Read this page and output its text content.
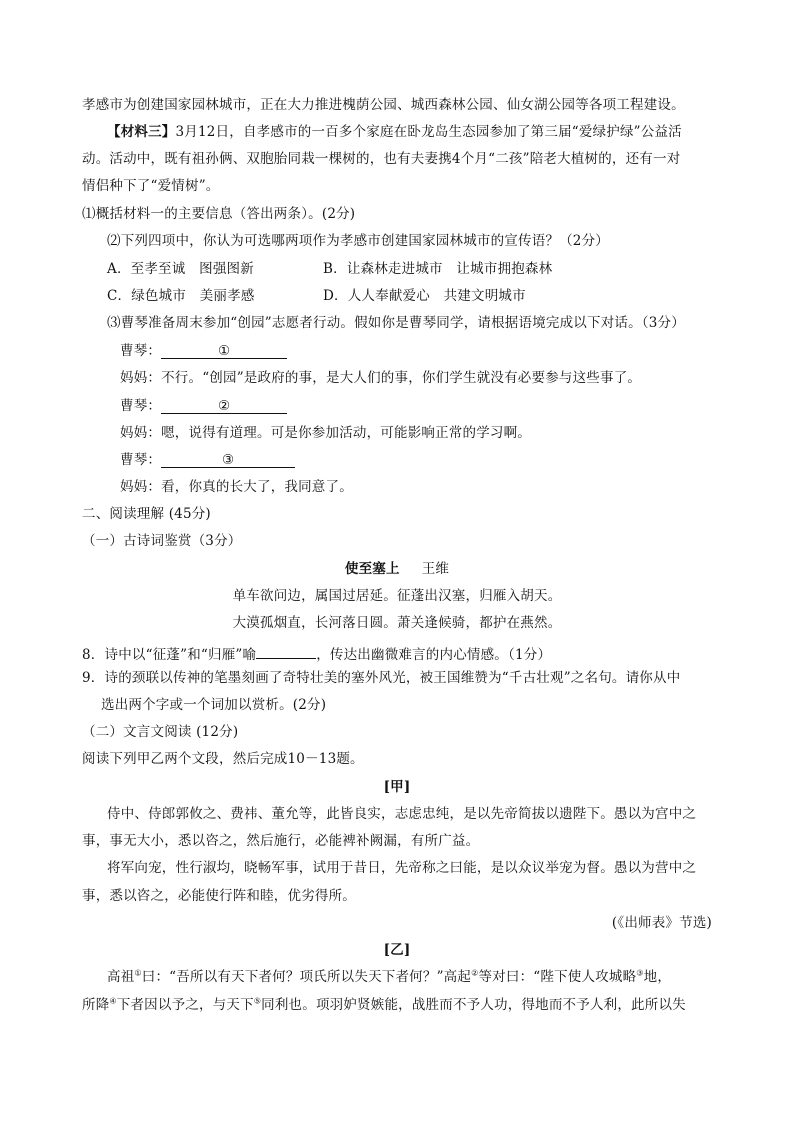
孝感市为创建国家园林城市，正在大力推进槐荫公园、城西森林公园、仙女湖公园等各项工程建设。
【材料三】3月12日，自孝感市的一百多个家庭在卧龙岛生态园参加了第三届“爱绿护绿”公益活
动。活动中，既有祖孙俩、双胞胎同栽一棵树的，也有夫妻携4个月“二孩”陪老大植树的，还有一对
情侣种下了“爱情树”。
⑴概括材料一的主要信息（答出两条）。(2分)
⑵下列四项中，你认为可选哪两项作为孝感市创建国家园林城市的宣传语？（2分）
A．至孝至诚　图强图新	B．让森林走进城市　让城市拥抱森林
C．绿色城市　美丽孝感	D．人人奉献爱心　共建文明城市
⑶曹琴准备周末参加“创园”志愿者行动。假如你是曹琴同学，请根据语境完成以下对话。（3分）
曹琴：	①
妈妈：不行。“创园”是政府的事，是大人们的事，你们学生就没有必要参与这些事了。
曹琴：	②
妈妈：嗯，说得有道理。可是你参加活动，可能影响正常的学习啊。
曹琴：	③
妈妈：看，你真的长大了，我同意了。
二、阅读理解 (45分)
（一）古诗词鉴赏（3分）
使至塞上 王维
单车欲问边，属国过居延。征蓬出汉塞，归雁入胡天。
大漠孤烟直，长河落日圆。萧关逢候骑，都护在燕然。
8．诗中以“征蓬”和“归雁”喻	，传达出幽微难言的内心情感。（1分）
9．诗的颈联以传神的笔墨刻画了奇特壮美的塞外风光，被王国维赞为“千古壮观”之名句。请你从中
选出两个字或一个词加以赏析。(2分)
（二）文言文阅读 (12分)
阅读下列甲乙两个文段，然后完成10－13题。
[甲]
侍中、侍郎郭攸之、费祎、董允等，此皆良实，志虑忠纯，是以先帝简拔以遗陛下。愚以为宫中之
事，事无大小，悉以咨之，然后施行，必能裨补阙漏，有所广益。
将军向宠，性行淑均，晓畅军事，试用于昔日，先帝称之曰能，是以众议举宠为督。愚以为营中之
事，悉以咨之，必能使行阵和睦，优劣得所。
(《出师表》节选)
[乙]
高祖①曰：“吾所以有天下者何？项氏所以失天下者何？”高起②等对曰：“陛下使人攻城略③地，
所降④下者因以予之，与天下⑤同利也。项羽妒贤嫉能，战胜而不予人功，得地而不予人利，此所以失
